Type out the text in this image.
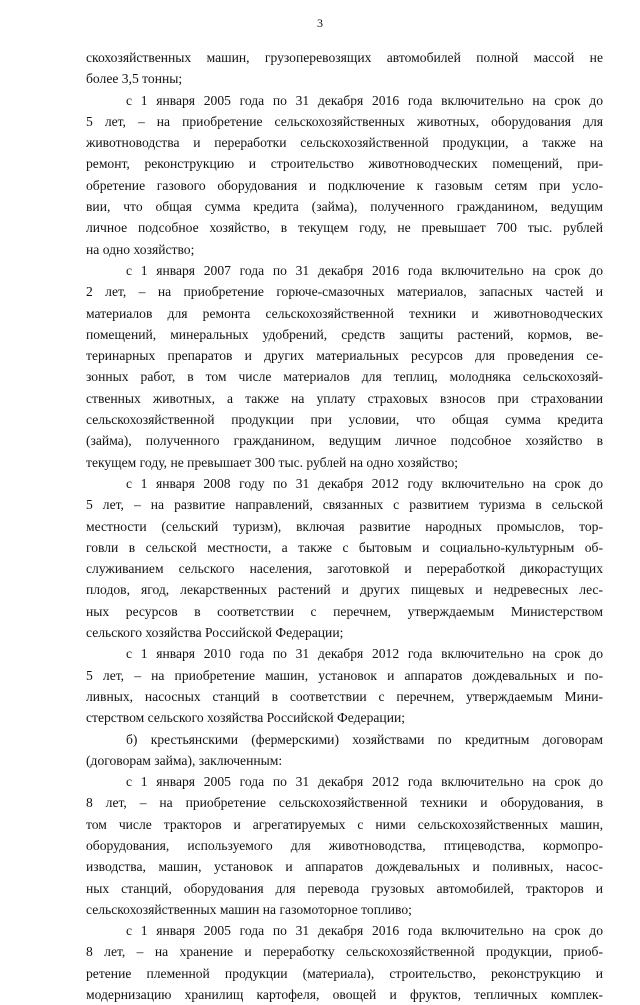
3
скохозяйственных машин, грузоперевозящих автомобилей полной массой не
более 3,5 тонны;
с 1 января 2005 года по 31 декабря 2016 года включительно на срок до
5 лет, – на приобретение сельскохозяйственных животных, оборудования для
животноводства и переработки сельскохозяйственной продукции, а также на
ремонт, реконструкцию и строительство животноводческих помещений, при-
обретение газового оборудования и подключение к газовым сетям при усло-
вии, что общая сумма кредита (займа), полученного гражданином, ведущим
личное подсобное хозяйство, в текущем году, не превышает 700 тыс. рублей
на одно хозяйство;
с 1 января 2007 года по 31 декабря 2016 года включительно на срок до
2 лет, – на приобретение горюче-смазочных материалов, запасных частей и
материалов для ремонта сельскохозяйственной техники и животноводческих
помещений, минеральных удобрений, средств защиты растений, кормов, ве-
теринарных препаратов и других материальных ресурсов для проведения се-
зонных работ, в том числе материалов для теплиц, молодняка сельскохозяй-
ственных животных, а также на уплату страховых взносов при страховании
сельскохозяйственной продукции при условии, что общая сумма кредита
(займа), полученного гражданином, ведущим личное подсобное хозяйство в
текущем году, не превышает 300 тыс. рублей на одно хозяйство;
с 1 января 2008 году по 31 декабря 2012 году включительно на срок до
5 лет, – на развитие направлений, связанных с развитием туризма в сельской
местности (сельский туризм), включая развитие народных промыслов, тор-
говли в сельской местности, а также с бытовым и социально-культурным об-
служиванием сельского населения, заготовкой и переработкой дикорастущих
плодов, ягод, лекарственных растений и других пищевых и недревесных лес-
ных ресурсов в соответствии с перечнем, утверждаемым Министерством
сельского хозяйства Российской Федерации;
с 1 января 2010 года по 31 декабря 2012 года включительно на срок до
5 лет, – на приобретение машин, установок и аппаратов дождевальных и по-
ливных, насосных станций в соответствии с перечнем, утверждаемым Мини-
стерством сельского хозяйства Российской Федерации;
б) крестьянскими (фермерскими) хозяйствами по кредитным договорам
(договорам займа), заключенным:
с 1 января 2005 года по 31 декабря 2012 года включительно на срок до
8 лет, – на приобретение сельскохозяйственной техники и оборудования, в
том числе тракторов и агрегатируемых с ними сельскохозяйственных машин,
оборудования, используемого для животноводства, птицеводства, кормопро-
изводства, машин, установок и аппаратов дождевальных и поливных, насос-
ных станций, оборудования для перевода грузовых автомобилей, тракторов и
сельскохозяйственных машин на газомоторное топливо;
с 1 января 2005 года по 31 декабря 2016 года включительно на срок до
8 лет, – на хранение и переработку сельскохозяйственной продукции, приоб-
ретение племенной продукции (материала), строительство, реконструкцию и
модернизацию хранилищ картофеля, овощей и фруктов, тепличных комплек-
